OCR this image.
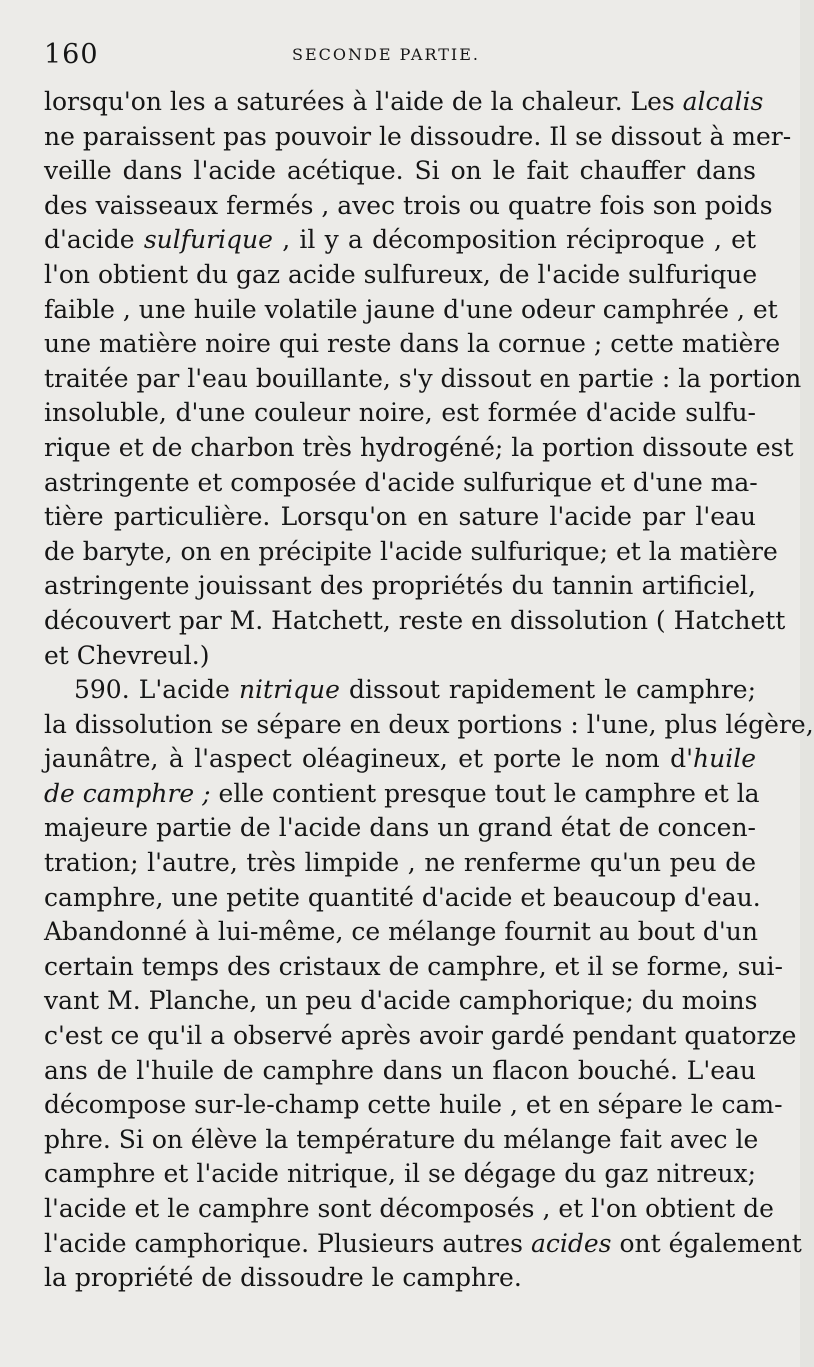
160	SECONDE PARTIE.
lorsqu'on les a saturées à l'aide de la chaleur. Les alcalis
ne paraissent pas pouvoir le dissoudre. Il se dissout à mer-
veille dans l'acide acétique. Si on le fait chauffer dans
des vaisseaux fermés , avec trois ou quatre fois son poids
d'acide sulfurique , il y a décomposition réciproque , et
l'on obtient du gaz acide sulfureux, de l'acide sulfurique
faible , une huile volatile jaune d'une odeur camphrée , et
une matière noire qui reste dans la cornue ; cette matière
traitée par l'eau bouillante, s'y dissout en partie : la portion
insoluble, d'une couleur noire, est formée d'acide sulfu-
rique et de charbon très hydrogéné; la portion dissoute est
astringente et composée d'acide sulfurique et d'une ma-
tière particulière. Lorsqu'on en sature l'acide par l'eau
de baryte, on en précipite l'acide sulfurique; et la matière
astringente jouissant des propriétés du tannin artificiel,
découvert par M. Hatchett, reste en dissolution ( Hatchett
et Chevreul.)
590. L'acide nitrique dissout rapidement le camphre;
la dissolution se sépare en deux portions : l'une, plus légère,
jaunâtre, à l'aspect oléagineux, et porte le nom d'huile
de camphre ; elle contient presque tout le camphre et la
majeure partie de l'acide dans un grand état de concen-
tration; l'autre, très limpide , ne renferme qu'un peu de
camphre, une petite quantité d'acide et beaucoup d'eau.
Abandonné à lui-même, ce mélange fournit au bout d'un
certain temps des cristaux de camphre, et il se forme, sui-
vant M. Planche, un peu d'acide camphorique; du moins
c'est ce qu'il a observé après avoir gardé pendant quatorze
ans de l'huile de camphre dans un flacon bouché. L'eau
décompose sur-le-champ cette huile , et en sépare le cam-
phre. Si on élève la température du mélange fait avec le
camphre et l'acide nitrique, il se dégage du gaz nitreux;
l'acide et le camphre sont décomposés , et l'on obtient de
l'acide camphorique. Plusieurs autres acides ont également
la propriété de dissoudre le camphre.
